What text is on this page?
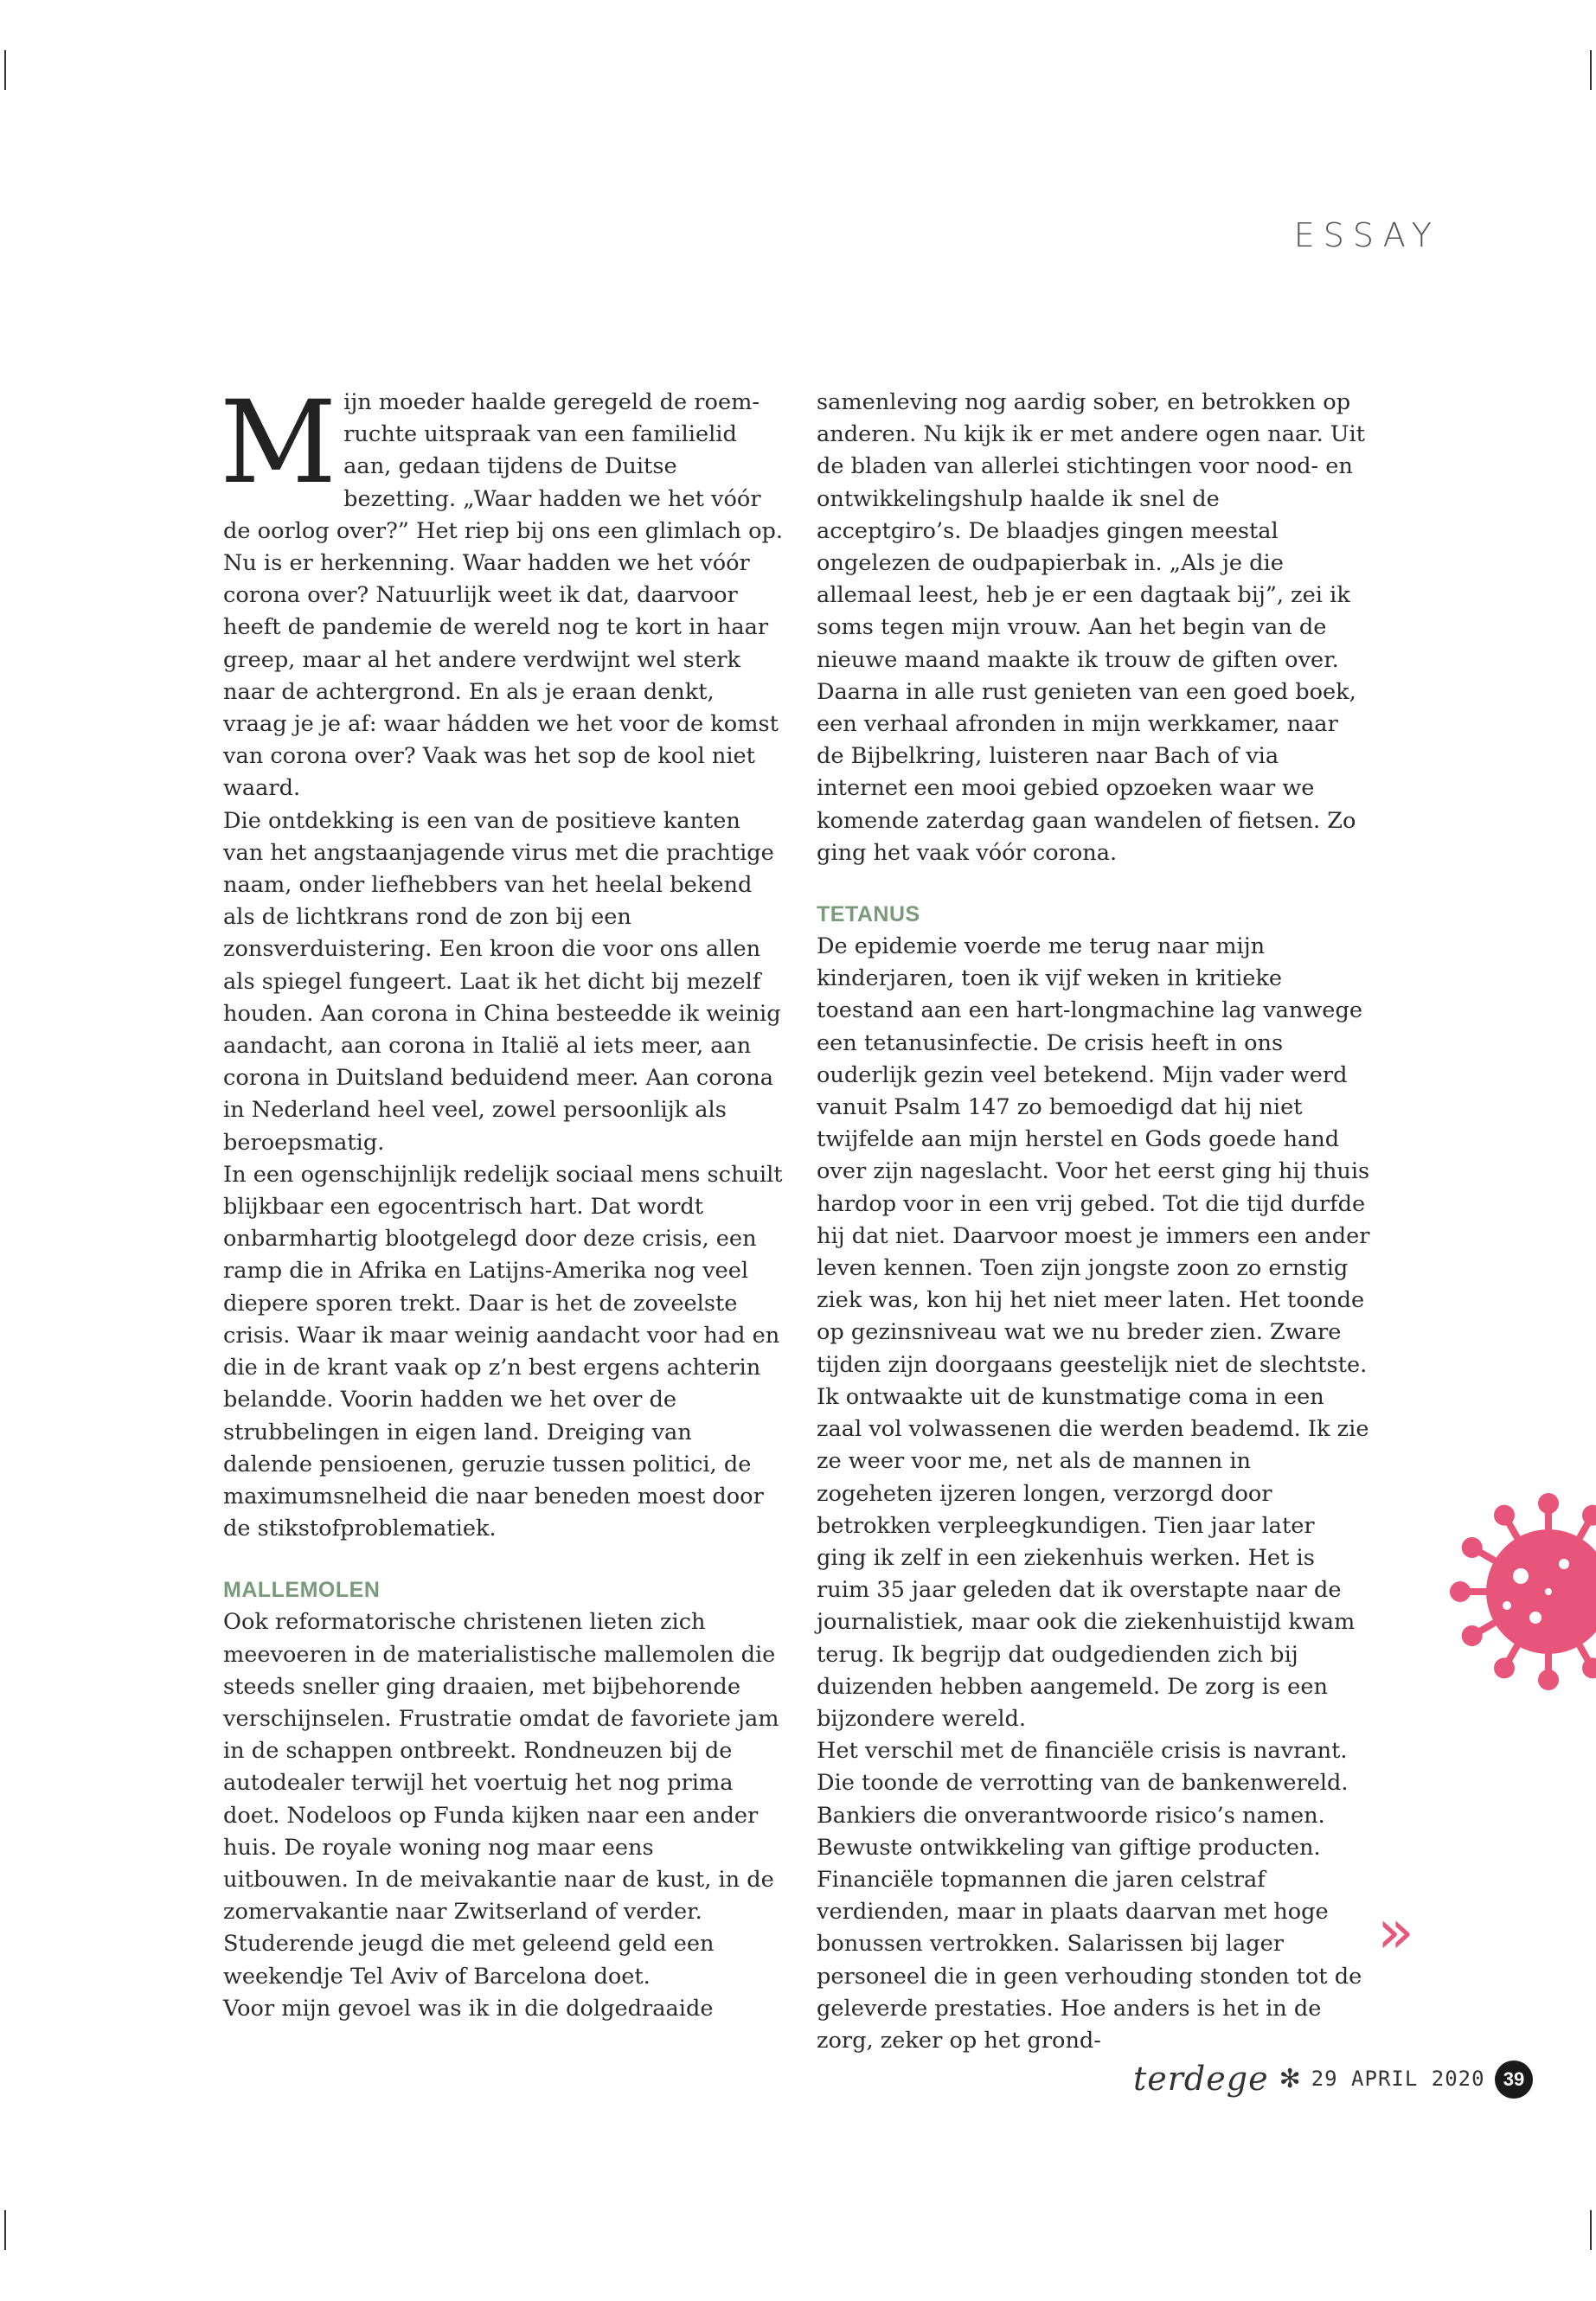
ESSAY

Mijn moeder haalde geregeld de roemruchte uitspraak van een familielid aan, gedaan tijdens de Duitse bezetting. „Waar hadden we het vóór de oorlog over?” Het riep bij ons een glimlach op. Nu is er herkenning. Waar hadden we het vóór corona over? Natuurlijk weet ik dat, daarvoor heeft de pandemie de wereld nog te kort in haar greep, maar al het andere verdwijnt wel sterk naar de achtergrond. En als je eraan denkt, vraag je je af: waar hádden we het voor de komst van corona over? Vaak was het sop de kool niet waard.

Die ontdekking is een van de positieve kanten van het angstaanjagende virus met die prachtige naam, onder liefhebbers van het heelal bekend als de lichtkrans rond de zon bij een zonsverduistering. Een kroon die voor ons allen als spiegel fungeert. Laat ik het dicht bij mezelf houden. Aan corona in China besteedde ik weinig aandacht, aan corona in Italië al iets meer, aan corona in Duitsland beduidend meer. Aan corona in Nederland heel veel, zowel persoonlijk als beroepsmatig.

In een ogenschijnlijk redelijk sociaal mens schuilt blijkbaar een egocentrisch hart. Dat wordt onbarmhartig blootgelegd door deze crisis, een ramp die in Afrika en Latijns-Amerika nog veel diepere sporen trekt. Daar is het de zoveelste crisis. Waar ik maar weinig aandacht voor had en die in de krant vaak op z’n best ergens achterin belandde. Voorin hadden we het over de strubbelingen in eigen land. Dreiging van dalende pensioenen, geruzie tussen politici, de maximumsnelheid die naar beneden moest door de stikstofproblematiek.

MALLEMOLEN

Ook reformatorische christenen lieten zich meevoeren in de materialistische mallemolen die steeds sneller ging draaien, met bijbehorende verschijnselen. Frustratie omdat de favoriete jam in de schappen ontbreekt. Rondneuzen bij de autodealer terwijl het voertuig het nog prima doet. Nodeloos op Funda kijken naar een ander huis. De royale woning nog maar eens uitbouwen. In de meivakantie naar de kust, in de zomervakantie naar Zwitserland of verder. Studerende jeugd die met geleend geld een weekendje Tel Aviv of Barcelona doet.

Voor mijn gevoel was ik in die dolgedraaide

samenleving nog aardig sober, en betrokken op anderen. Nu kijk ik er met andere ogen naar. Uit de bladen van allerlei stichtingen voor nood- en ontwikkelingshulp haalde ik snel de acceptgiro’s. De blaadjes gingen meestal ongelezen de oudpapierbak in. „Als je die allemaal leest, heb je er een dagtaak bij”, zei ik soms tegen mijn vrouw. Aan het begin van de nieuwe maand maakte ik trouw de giften over. Daarna in alle rust genieten van een goed boek, een verhaal afronden in mijn werkkamer, naar de Bijbelkring, luisteren naar Bach of via internet een mooi gebied opzoeken waar we komende zaterdag gaan wandelen of fietsen. Zo ging het vaak vóór corona.

TETANUS

De epidemie voerde me terug naar mijn kinderjaren, toen ik vijf weken in kritieke toestand aan een hart-longmachine lag vanwege een tetanusinfectie. De crisis heeft in ons ouderlijk gezin veel betekend. Mijn vader werd vanuit Psalm 147 zo bemoedigd dat hij niet twijfelde aan mijn herstel en Gods goede hand over zijn nageslacht. Voor het eerst ging hij thuis hardop voor in een vrij gebed. Tot die tijd durfde hij dat niet. Daarvoor moest je immers een ander leven kennen. Toen zijn jongste zoon zo ernstig ziek was, kon hij het niet meer laten. Het toonde op gezinsniveau wat we nu breder zien. Zware tijden zijn doorgaans geestelijk niet de slechtste.

Ik ontwaakte uit de kunstmatige coma in een zaal vol volwassenen die werden beademd. Ik zie ze weer voor me, net als de mannen in zogeheten ijzeren longen, verzorgd door betrokken verpleegkundigen. Tien jaar later ging ik zelf in een ziekenhuis werken. Het is ruim 35 jaar geleden dat ik overstapte naar de journalistiek, maar ook die ziekenhuistijd kwam terug. Ik begrijp dat oudgedienden zich bij duizenden hebben aangemeld. De zorg is een bijzondere wereld.

Het verschil met de financiële crisis is navrant. Die toonde de verrotting van de bankenwereld. Bankiers die onverantwoorde risico’s namen. Bewuste ontwikkeling van giftige producten. Financiële topmannen die jaren celstraf verdienden, maar in plaats daarvan met hoge bonussen vertrokken. Salarissen bij lager personeel die in geen verhouding stonden tot de geleverde prestaties. Hoe anders is het in de zorg, zeker op het grond-

»
terdege ✻ 29 APRIL 2020 39
